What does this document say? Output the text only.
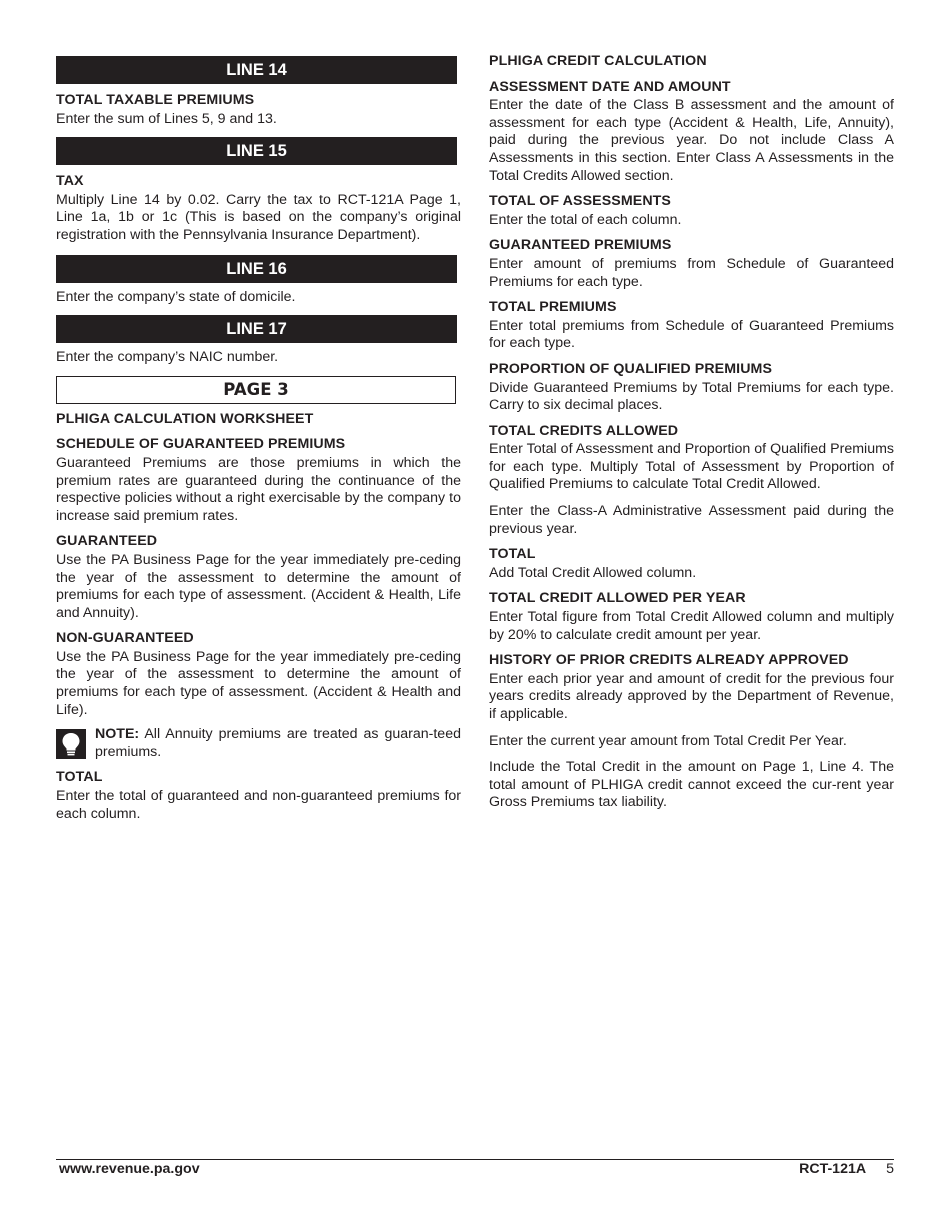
LINE 14
TOTAL TAXABLE PREMIUMS
Enter the sum of Lines 5, 9 and 13.
LINE 15
TAX
Multiply Line 14 by 0.02. Carry the tax to RCT-121A Page 1, Line 1a, 1b or 1c (This is based on the company’s original registration with the Pennsylvania Insurance Department).
LINE 16
Enter the company’s state of domicile.
LINE 17
Enter the company’s NAIC number.
PAGE 3
PLHIGA CALCULATION WORKSHEET
SCHEDULE OF GUARANTEED PREMIUMS
Guaranteed Premiums are those premiums in which the premium rates are guaranteed during the continuance of the respective policies without a right exercisable by the company to increase said premium rates.
GUARANTEED
Use the PA Business Page for the year immediately pre-ceding the year of the assessment to determine the amount of premiums for each type of assessment. (Accident & Health, Life and Annuity).
NON-GUARANTEED
Use the PA Business Page for the year immediately pre-ceding the year of the assessment to determine the amount of premiums for each type of assessment. (Accident & Health and Life).
NOTE: All Annuity premiums are treated as guaran-teed premiums.
TOTAL
Enter the total of guaranteed and non-guaranteed premiums for each column.
PLHIGA CREDIT CALCULATION
ASSESSMENT DATE AND AMOUNT
Enter the date of the Class B assessment and the amount of assessment for each type (Accident & Health, Life, Annuity), paid during the previous year. Do not include Class A Assessments in this section. Enter Class A Assessments in the Total Credits Allowed section.
TOTAL OF ASSESSMENTS
Enter the total of each column.
GUARANTEED PREMIUMS
Enter amount of premiums from Schedule of Guaranteed Premiums for each type.
TOTAL PREMIUMS
Enter total premiums from Schedule of Guaranteed Premiums for each type.
PROPORTION OF QUALIFIED PREMIUMS
Divide Guaranteed Premiums by Total Premiums for each type. Carry to six decimal places.
TOTAL CREDITS ALLOWED
Enter Total of Assessment and Proportion of Qualified Premiums for each type. Multiply Total of Assessment by Proportion of Qualified Premiums to calculate Total Credit Allowed.
Enter the Class-A Administrative Assessment paid during the previous year.
TOTAL
Add Total Credit Allowed column.
TOTAL CREDIT ALLOWED PER YEAR
Enter Total figure from Total Credit Allowed column and multiply by 20% to calculate credit amount per year.
HISTORY OF PRIOR CREDITS ALREADY APPROVED
Enter each prior year and amount of credit for the previous four years credits already approved by the Department of Revenue, if applicable.
Enter the current year amount from Total Credit Per Year.
Include the Total Credit in the amount on Page 1, Line 4. The total amount of PLHIGA credit cannot exceed the cur-rent year Gross Premiums tax liability.
www.revenue.pa.gov	RCT-121A 5
